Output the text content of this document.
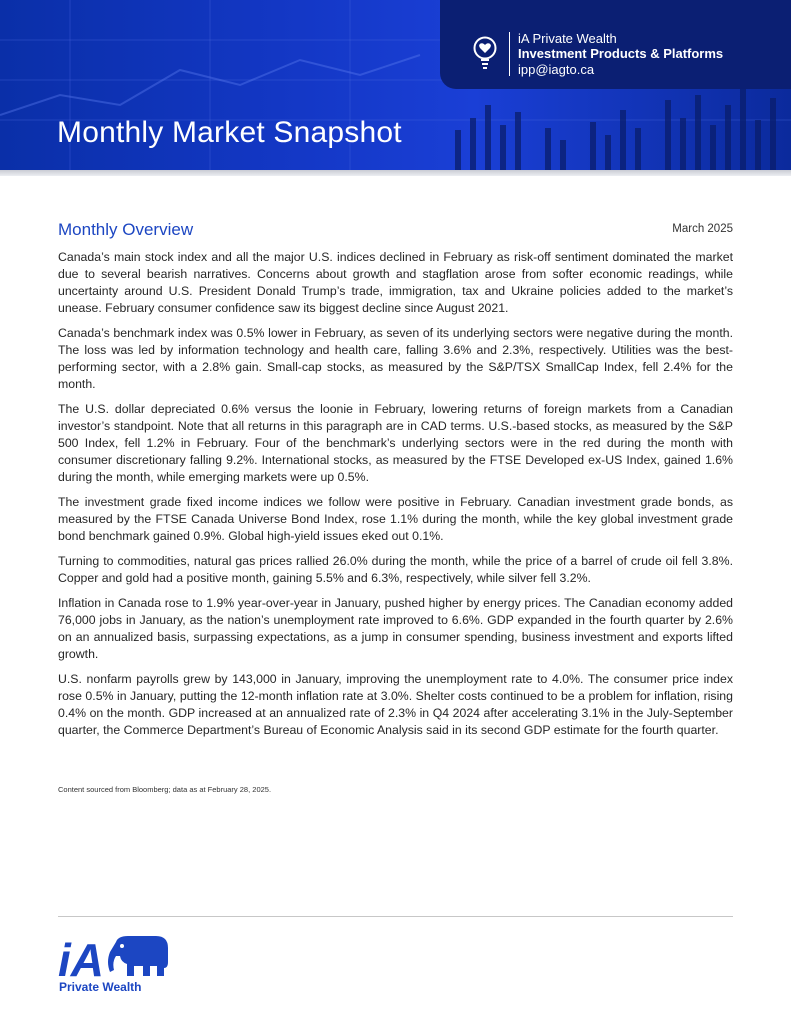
iA Private Wealth
Investment Products & Platforms
ipp@iagto.ca
Monthly Market Snapshot
Monthly Overview	March 2025

Canada’s main stock index and all the major U.S. indices declined in February as risk-off sentiment dominated the market due to several bearish narratives. Concerns about growth and stagflation arose from softer economic readings, while uncertainty around U.S. President Donald Trump’s trade, immigration, tax and Ukraine policies added to the market’s unease. February consumer confidence saw its biggest decline since August 2021.

Canada’s benchmark index was 0.5% lower in February, as seven of its underlying sectors were negative during the month. The loss was led by information technology and health care, falling 3.6% and 2.3%, respectively. Utilities was the best-performing sector, with a 2.8% gain. Small-cap stocks, as measured by the S&P/TSX SmallCap Index, fell 2.4% for the month.

The U.S. dollar depreciated 0.6% versus the loonie in February, lowering returns of foreign markets from a Canadian investor’s standpoint. Note that all returns in this paragraph are in CAD terms. U.S.-based stocks, as measured by the S&P 500 Index, fell 1.2% in February. Four of the benchmark’s underlying sectors were in the red during the month with consumer discretionary falling 9.2%. International stocks, as measured by the FTSE Developed ex-US Index, gained 1.6% during the month, while emerging markets were up 0.5%.

The investment grade fixed income indices we follow were positive in February. Canadian investment grade bonds, as measured by the FTSE Canada Universe Bond Index, rose 1.1% during the month, while the key global investment grade bond benchmark gained 0.9%. Global high-yield issues eked out 0.1%.

Turning to commodities, natural gas prices rallied 26.0% during the month, while the price of a barrel of crude oil fell 3.8%. Copper and gold had a positive month, gaining 5.5% and 6.3%, respectively, while silver fell 3.2%.

Inflation in Canada rose to 1.9% year-over-year in January, pushed higher by energy prices. The Canadian economy added 76,000 jobs in January, as the nation’s unemployment rate improved to 6.6%. GDP expanded in the fourth quarter by 2.6% on an annualized basis, surpassing expectations, as a jump in consumer spending, business investment and exports lifted growth.

U.S. nonfarm payrolls grew by 143,000 in January, improving the unemployment rate to 4.0%. The consumer price index rose 0.5% in January, putting the 12-month inflation rate at 3.0%. Shelter costs continued to be a problem for inflation, rising 0.4% on the month. GDP increased at an annualized rate of 2.3% in Q4 2024 after accelerating 3.1% in the July-September quarter, the Commerce Department’s Bureau of Economic Analysis said in its second GDP estimate for the fourth quarter.

Content sourced from Bloomberg; data as at February 28, 2025.
iA
Private Wealth
